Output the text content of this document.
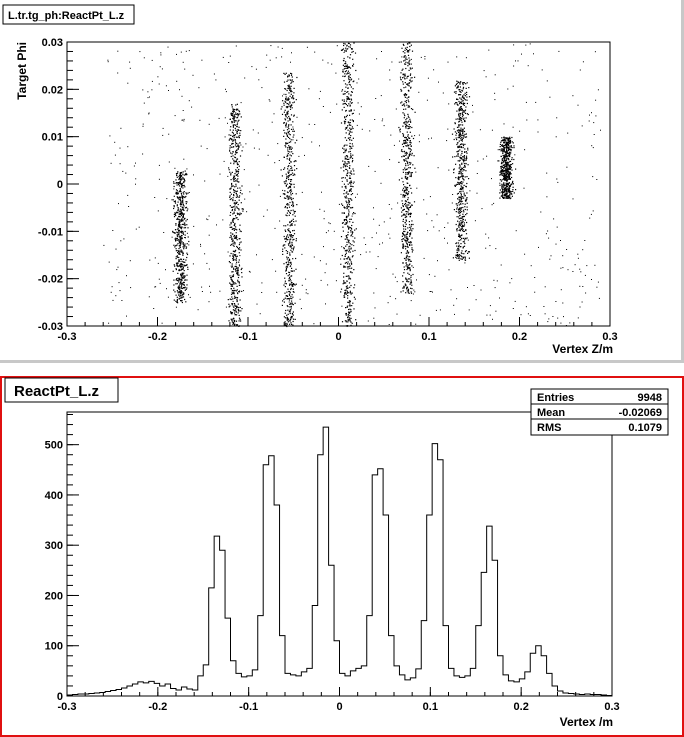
-0.3	-0.2	-0.1	0	0.1	0.2	0.3
-0.03
-0.02
-0.01
0
0.01
0.02
0.03
L.tr.tg_ph:ReactPt_L.z
Vertex Z/m
Target Phi
-0.3	-0.2	-0.1	0	0.1	0.2	0.3
0
100
200
300
400
500
ReactPt_L.z
Vertex /m
Entries	9948
Mean	-0.02069
RMS	0.1079
